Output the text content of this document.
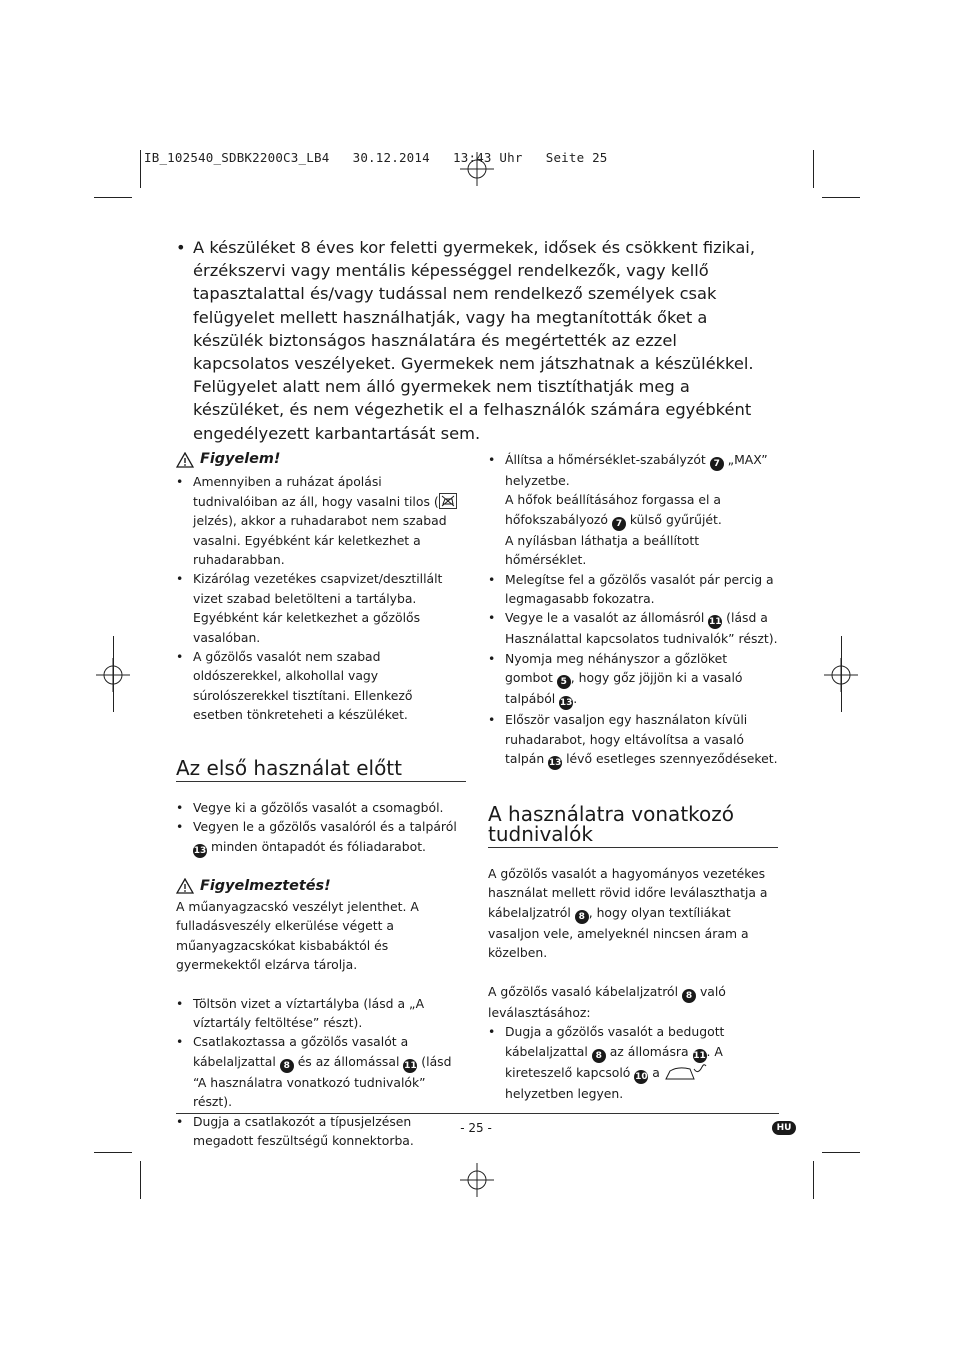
IB_102540_SDBK2200C3_LB4   30.12.2014   13:43 Uhr   Seite 25
• A készüléket 8 éves kor feletti gyermekek, idősek és csökkent fizikai, érzékszervi vagy mentális képességgel rendelkezők, vagy kellő tapasztalattal és/vagy tudással nem rendelkező személyek csak felügyelet mellett használhatják, vagy ha megtanították őket a készülék biztonságos használatára és megértették az ezzel kapcsolatos veszélyeket. Gyermekek nem játszhatnak a készülékkel. Felügyelet alatt nem álló gyermekek nem tisztíthatják meg a készüléket, és nem végezhetik el a felhasználók számára egyébként engedélyezett karbantartását sem.
Figyelem!
• Amennyiben a ruházat ápolási tudnivalóiban az áll, hogy vasalni tilos (
jelzés), akkor a ruhadarabot nem szabad vasalni. Egyébként kár keletkezhet a ruhadarabban.
• Kizárólag vezetékes csapvizet/desztillált vizet szabad beletölteni a tartályba. Egyébként kár keletkezhet a gőzölős vasalóban.
• A gőzölős vasalót nem szabad oldószerekkel, alkohollal vagy súrolószerekkel tisztítani. Ellenkező esetben tönkreteheti a készüléket.
Az első használat előtt
• Vegye ki a gőzölős vasalót a csomagból.
• Vegyen le a gőzölős vasalóról és a talpáról 13 minden öntapadót és fóliadarabot.
Figyelmeztetés!
A műanyagzacskó veszélyt jelenthet. A fulladásveszély elkerülése végett a műanyagzacskókat kisbabáktól és gyermekektől elzárva tárolja.
• Töltsön vizet a víztartályba (lásd a „A víztartály feltöltése” részt).
• Csatlakoztassa a gőzölős vasalót a kábelaljzattal 8 és az állomással 11 (lásd “A használatra vonatkozó tudnivalók” részt).
• Dugja a csatlakozót a típusjelzésen megadott feszültségű konnektorba.
• Állítsa a hőmérséklet-szabályzót 7 „MAX” helyzetbe.
A hőfok beállításához forgassa el a hőfokszabályozó 7 külső gyűrűjét.
A nyílásban láthatja a beállított hőmérséklet.
• Melegítse fel a gőzölős vasalót pár percig a legmagasabb fokozatra.
• Vegye le a vasalót az állomásról 11 (lásd a Használattal kapcsolatos tudnivalók” részt).
• Nyomja meg néhányszor a gőzlöket gombot 5 , hogy gőz jöjjön ki a vasaló talpából 13.
• Először vasaljon egy használaton kívüli ruhadarabot, hogy eltávolítsa a vasaló talpán 13 lévő esetleges szennyeződéseket.
A használatra vonatkozó tudnivalók
A gőzölős vasalót a hagyományos vezetékes használat mellett rövid időre leválaszthatja a kábelaljzatról 8 , hogy olyan textíliákat vasaljon vele, amelyeknél nincsen áram a közelben.
A gőzölős vasaló kábelaljzatról 8 való leválasztásához:
• Dugja a gőzölős vasalót a bedugott kábelaljzattal 8 az állomásra 11. A kireteszelő kapcsoló 10 a  helyzetben legyen.
- 25 -	HU
